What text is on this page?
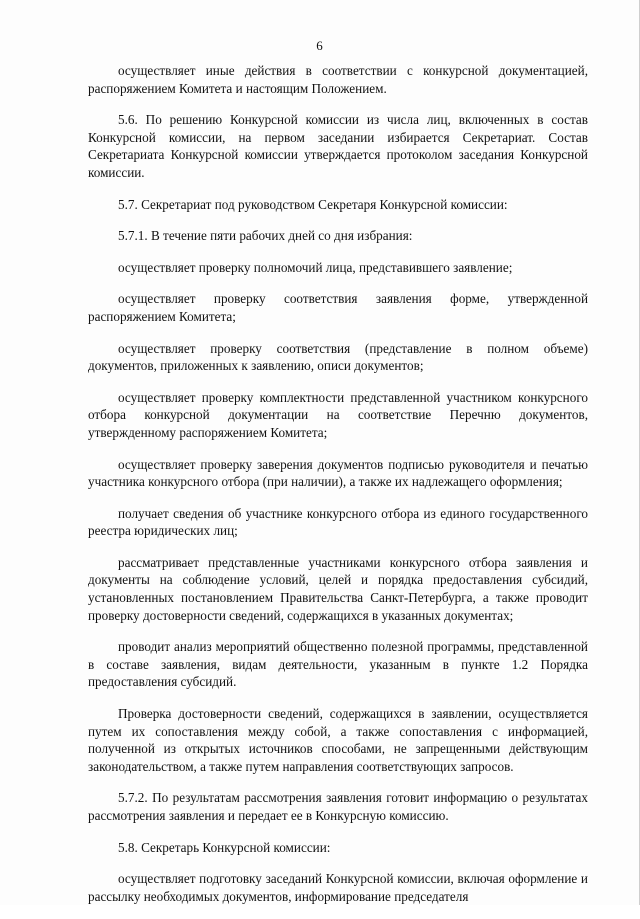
6

осуществляет иные действия в соответствии с конкурсной документацией, распоряжением Комитета и настоящим Положением.

5.6. По решению Конкурсной комиссии из числа лиц, включенных в состав Конкурсной комиссии, на первом заседании избирается Секретариат. Состав Секретариата Конкурсной комиссии утверждается протоколом заседания Конкурсной комиссии.

5.7. Секретариат под руководством Секретаря Конкурсной комиссии:

5.7.1. В течение пяти рабочих дней со дня избрания:

осуществляет проверку полномочий лица, представившего заявление;

осуществляет проверку соответствия заявления форме, утвержденной распоряжением Комитета;

осуществляет проверку соответствия (представление в полном объеме) документов, приложенных к заявлению, описи документов;

осуществляет проверку комплектности представленной участником конкурсного отбора конкурсной документации на соответствие Перечню документов, утвержденному распоряжением Комитета;

осуществляет проверку заверения документов подписью руководителя и печатью участника конкурсного отбора (при наличии), а также их надлежащего оформления;

получает сведения об участнике конкурсного отбора из единого государственного реестра юридических лиц;

рассматривает представленные участниками конкурсного отбора заявления и документы на соблюдение условий, целей и порядка предоставления субсидий, установленных постановлением Правительства Санкт-Петербурга, а также проводит проверку достоверности сведений, содержащихся в указанных документах;

проводит анализ мероприятий общественно полезной программы, представленной в составе заявления, видам деятельности, указанным в пункте 1.2 Порядка предоставления субсидий.

Проверка достоверности сведений, содержащихся в заявлении, осуществляется путем их сопоставления между собой, а также сопоставления с информацией, полученной из открытых источников способами, не запрещенными действующим законодательством, а также путем направления соответствующих запросов.

5.7.2. По результатам рассмотрения заявления готовит информацию о результатах рассмотрения заявления и передает ее в Конкурсную комиссию.

5.8. Секретарь Конкурсной комиссии:

осуществляет подготовку заседаний Конкурсной комиссии, включая оформление и рассылку необходимых документов, информирование председателя
